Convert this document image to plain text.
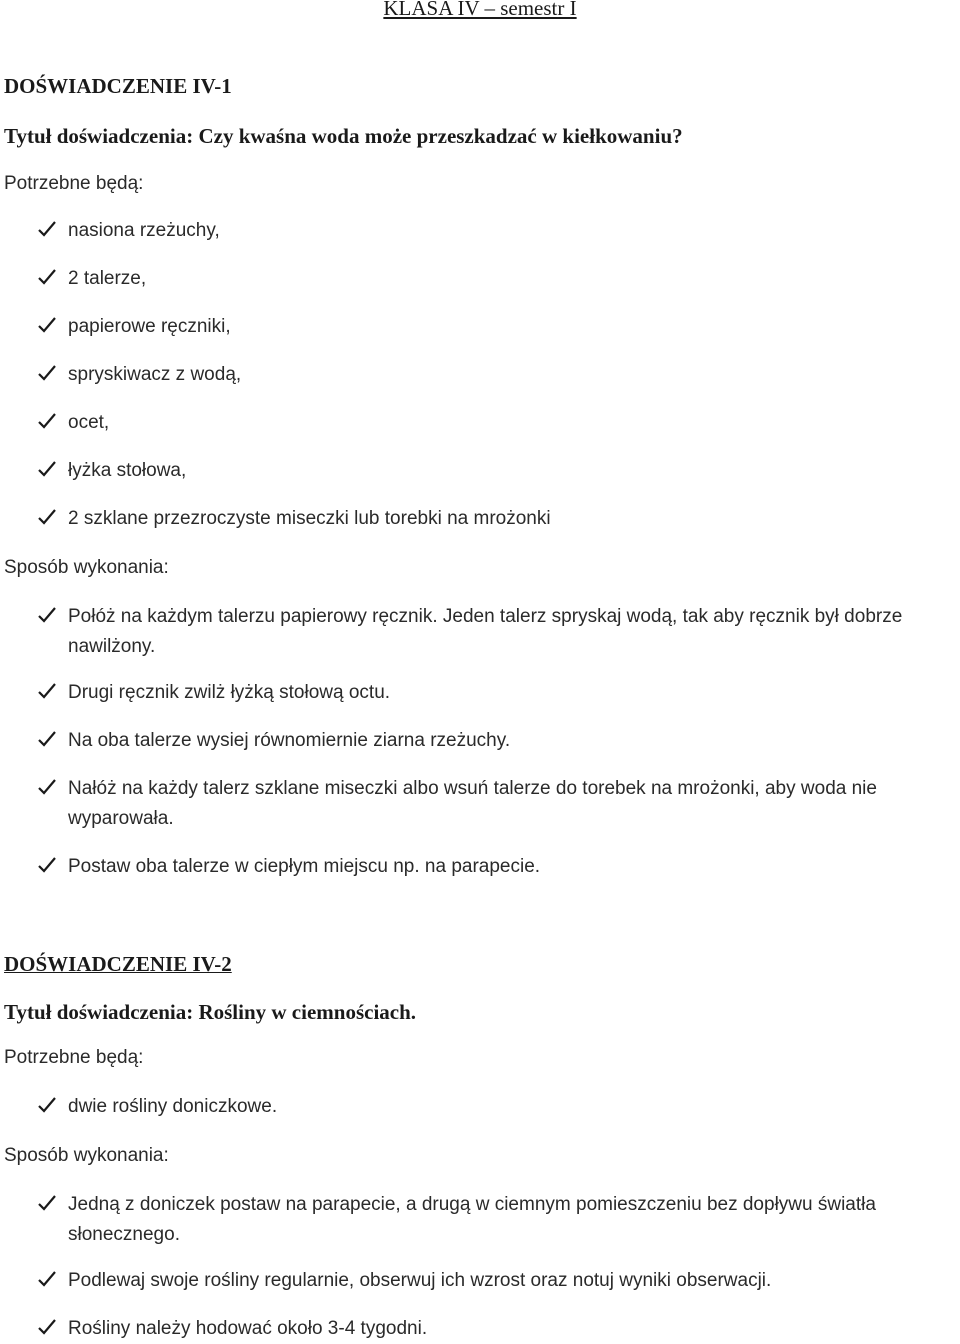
KLASA IV – semestr I
DOŚWIADCZENIE IV-1
Tytuł doświadczenia: Czy kwaśna woda może przeszkadzać w kiełkowaniu?
Potrzebne będą:
nasiona rzeżuchy,
2 talerze,
papierowe ręczniki,
spryskiwacz z wodą,
ocet,
łyżka stołowa,
2 szklane przezroczyste miseczki lub torebki na mrożonki
Sposób wykonania:
Połóż na każdym talerzu papierowy ręcznik. Jeden talerz spryskaj wodą, tak aby ręcznik był dobrze nawilżony.
Drugi ręcznik zwilż łyżką stołową octu.
Na oba talerze wysiej równomiernie ziarna rzeżuchy.
Nałóż na każdy talerz szklane miseczki albo wsuń talerze do torebek na mrożonki, aby woda nie wyparowała.
Postaw oba talerze w ciepłym miejscu np. na parapecie.
DOŚWIADCZENIE IV-2
Tytuł doświadczenia: Rośliny w ciemnościach.
Potrzebne będą:
dwie rośliny doniczkowe.
Sposób wykonania:
Jedną z doniczek postaw na parapecie, a drugą w ciemnym pomieszczeniu bez dopływu światła słonecznego.
Podlewaj swoje rośliny regularnie, obserwuj ich wzrost oraz notuj wyniki obserwacji.
Rośliny należy hodować około 3-4 tygodni.
